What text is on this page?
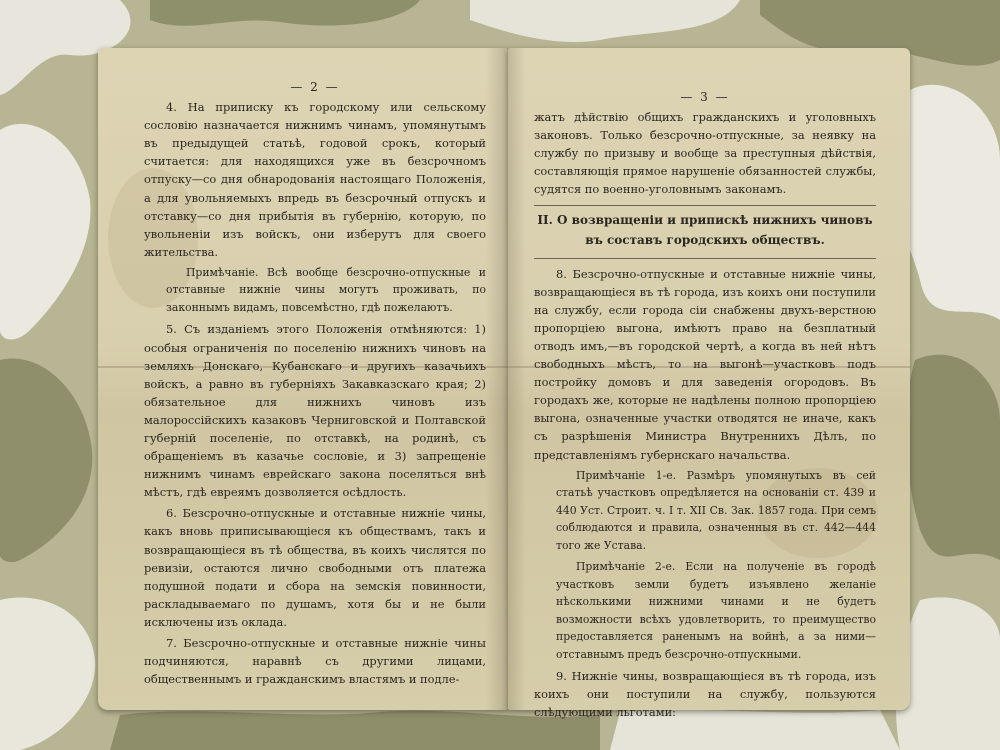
— 2 —

4. На приписку къ городскому или сельскому сословію назначается нижнимъ чинамъ, упомянутымъ въ предыдущей статьѣ, годовой срокъ, который считается: для находящихся уже въ безсрочномъ отпуску—со дня обнародованія настоящаго Положенія, а для увольняемыхъ впредь въ безсрочный отпускъ и отставку—со дня прибытія въ губернію, которую, по увольненіи изъ войскъ, они изберутъ для своего жительства.

Примѣчаніе. Всѣ вообще безсрочно-отпускные и отставные нижніе чины могутъ проживать, по законнымъ видамъ, повсемѣстно, гдѣ пожелаютъ.

5. Съ изданіемъ этого Положенія отмѣняются: 1) особыя ограниченія по поселенію нижнихъ чиновъ на земляхъ Донскаго, Кубанскаго и другихъ казачьихъ войскъ, а равно въ губерніяхъ Закавказскаго края; 2) обязательное для нижнихъ чиновъ изъ малороссійскихъ казаковъ Черниговской и Полтавской губерній поселеніе, по отставкѣ, на родинѣ, съ обращеніемъ въ казачье сословіе, и 3) запрещеніе нижнимъ чинамъ еврейскаго закона поселяться внѣ мѣстъ, гдѣ евреямъ дозволяется осѣдлость.

6. Безсрочно-отпускные и отставные нижніе чины, какъ вновь приписывающіеся къ обществамъ, такъ и возвращающіеся въ тѣ общества, въ коихъ числятся по ревизіи, остаются лично свободными отъ платежа подушной подати и сбора на земскія повинности, раскладываемаго по душамъ, хотя бы и не были исключены изъ оклада.

7. Безсрочно-отпускные и отставные нижніе чины подчиняются, наравнѣ съ другими лицами, общественнымъ и гражданскимъ властямъ и подле-

— 3 —

жатъ дѣйствію общихъ гражданскихъ и уголовныхъ законовъ. Только безсрочно-отпускные, за неявку на службу по призыву и вообще за преступныя дѣйствія, составляющія прямое нарушеніе обязанностей службы, судятся по военно-уголовнымъ законамъ.

II. О возвращеніи и припискѣ нижнихъ чиновъ въ составъ городскихъ обществъ.

8. Безсрочно-отпускные и отставные нижніе чины, возвращающіеся въ тѣ города, изъ коихъ они поступили на службу, если города сіи снабжены двухъ-верстною пропорціею выгона, имѣютъ право на безплатный отводъ имъ,—въ городской чертѣ, а когда въ ней нѣтъ свободныхъ мѣстъ, то на выгонѣ—участковъ подъ постройку домовъ и для заведенія огородовъ. Въ городахъ же, которые не надѣлены полною пропорціею выгона, означенные участки отводятся не иначе, какъ съ разрѣшенія Министра Внутреннихъ Дѣлъ, по представленіямъ губернскаго начальства.

Примѣчаніе 1-е. Размѣръ упомянутыхъ въ сей статьѣ участковъ опредѣляется на основаніи ст. 439 и 440 Уст. Строит. ч. I т. XII Св. Зак. 1857 года. При семъ соблюдаются и правила, означенныя въ ст. 442—444 того же Устава.

Примѣчаніе 2-е. Если на полученіе въ городѣ участковъ земли будетъ изъявлено желаніе нѣсколькими нижними чинами и не будетъ возможности всѣхъ удовлетворить, то преимущество предоставляется раненымъ на войнѣ, а за ними—отставнымъ предъ безсрочно-отпускными.

9. Нижніе чины, возвращающіеся въ тѣ города, изъ коихъ они поступили на службу, пользуются слѣдующими льготами:
